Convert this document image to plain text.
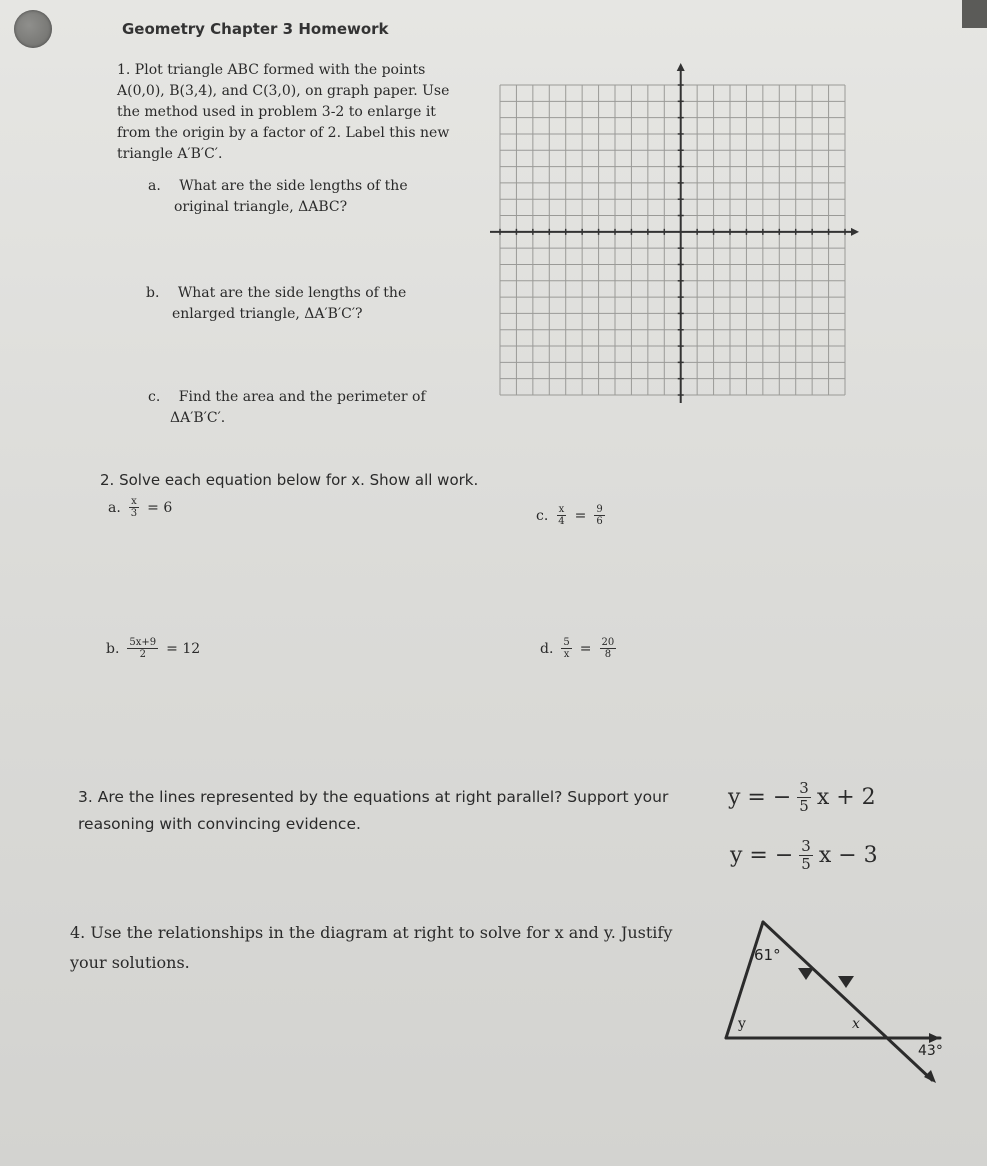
Geometry Chapter 3 Homework
1. Plot triangle ABC formed with the points A(0,0), B(3,4), and C(3,0), on graph paper. Use the method used in problem 3-2 to enlarge it from the origin by a factor of 2. Label this new triangle A′B′C′.
a. What are the side lengths of the
original triangle, ΔABC?
b. What are the side lengths of the
enlarged triangle, ΔA′B′C′?
c. Find the area and the perimeter of
ΔA′B′C′.
2. Solve each equation below for x. Show all work.
a. $\frac{x}{3} = 6$	c. $\frac{x}{4} = \frac{9}{6}$
b. $\frac{5x+9}{2} = 12$	d. $\frac{5}{x} = \frac{20}{8}$
3. Are the lines represented by the equations at right parallel? Support your reasoning with convincing evidence.
y = − $\frac{3}{5}$ x + 2
y = − $\frac{3}{5}$ x − 3
4. Use the relationships in the diagram at right to solve for x and y. Justify your solutions.	61°
y	x
43°
